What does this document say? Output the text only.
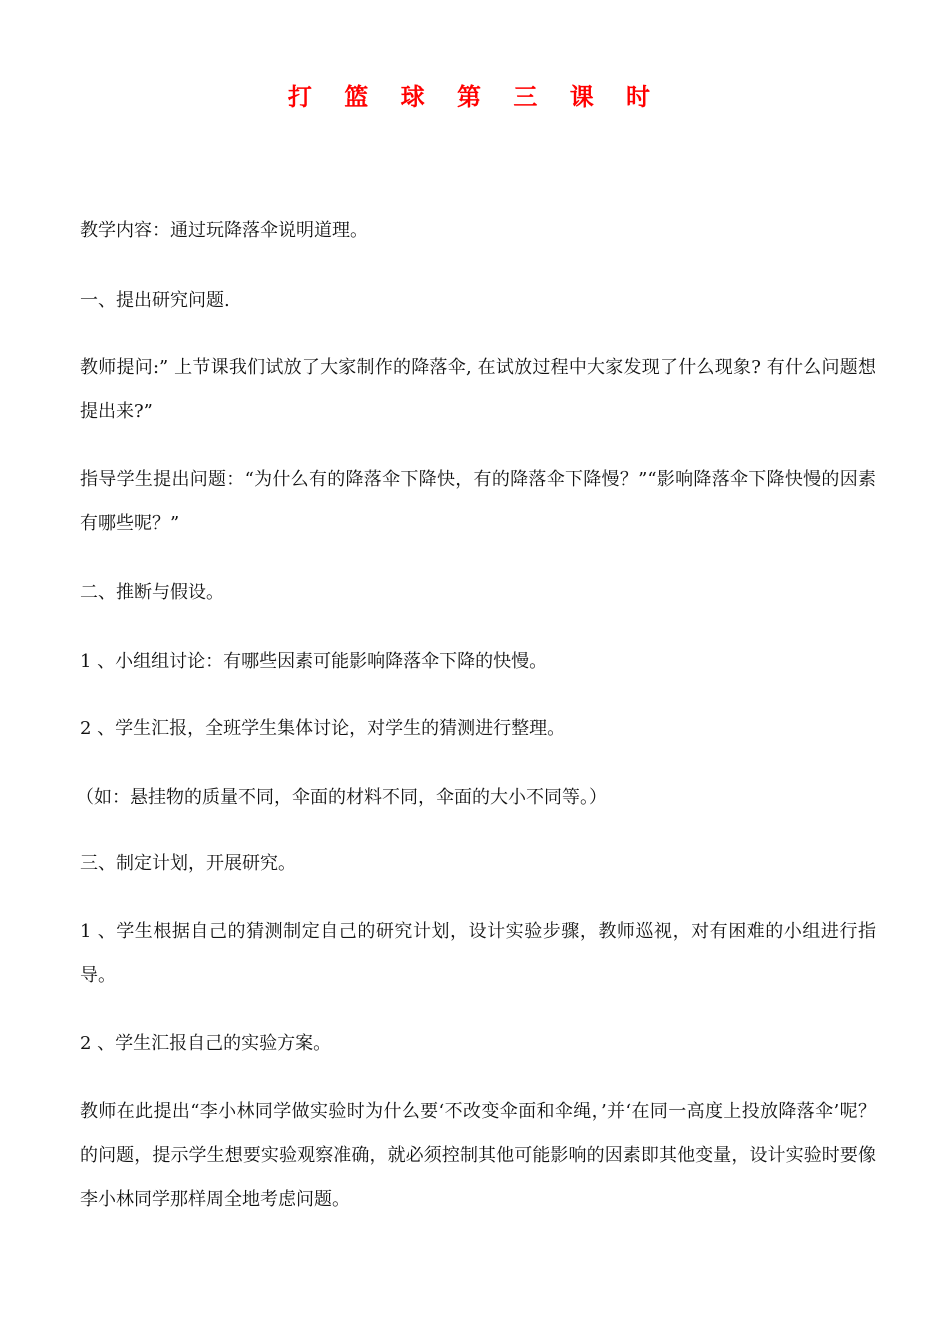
打 篮 球 第 三 课 时
教学内容：通过玩降落伞说明道理。
一、提出研究问题.
教师提问:” 上节课我们试放了大家制作的降落伞, 在试放过程中大家发现了什么现象? 有什么问题想提出来?”
指导学生提出问题：“为什么有的降落伞下降快，有的降落伞下降慢？”“影响降落伞下降快慢的因素有哪些呢？”
二、推断与假设。
1 、小组组讨论：有哪些因素可能影响降落伞下降的快慢。
2 、学生汇报，全班学生集体讨论，对学生的猜测进行整理。
（如：悬挂物的质量不同，伞面的材料不同，伞面的大小不同等。）
三、制定计划，开展研究。
1 、学生根据自己的猜测制定自己的研究计划，设计实验步骤，教师巡视，对有困难的小组进行指导。
2 、学生汇报自己的实验方案。
教师在此提出“李小林同学做实验时为什么要‘不改变伞面和伞绳，’并‘在同一高度上投放降落伞’呢？的问题，提示学生想要实验观察准确，就必须控制其他可能影响的因素即其他变量，设计实验时要像李小林同学那样周全地考虑问题。
